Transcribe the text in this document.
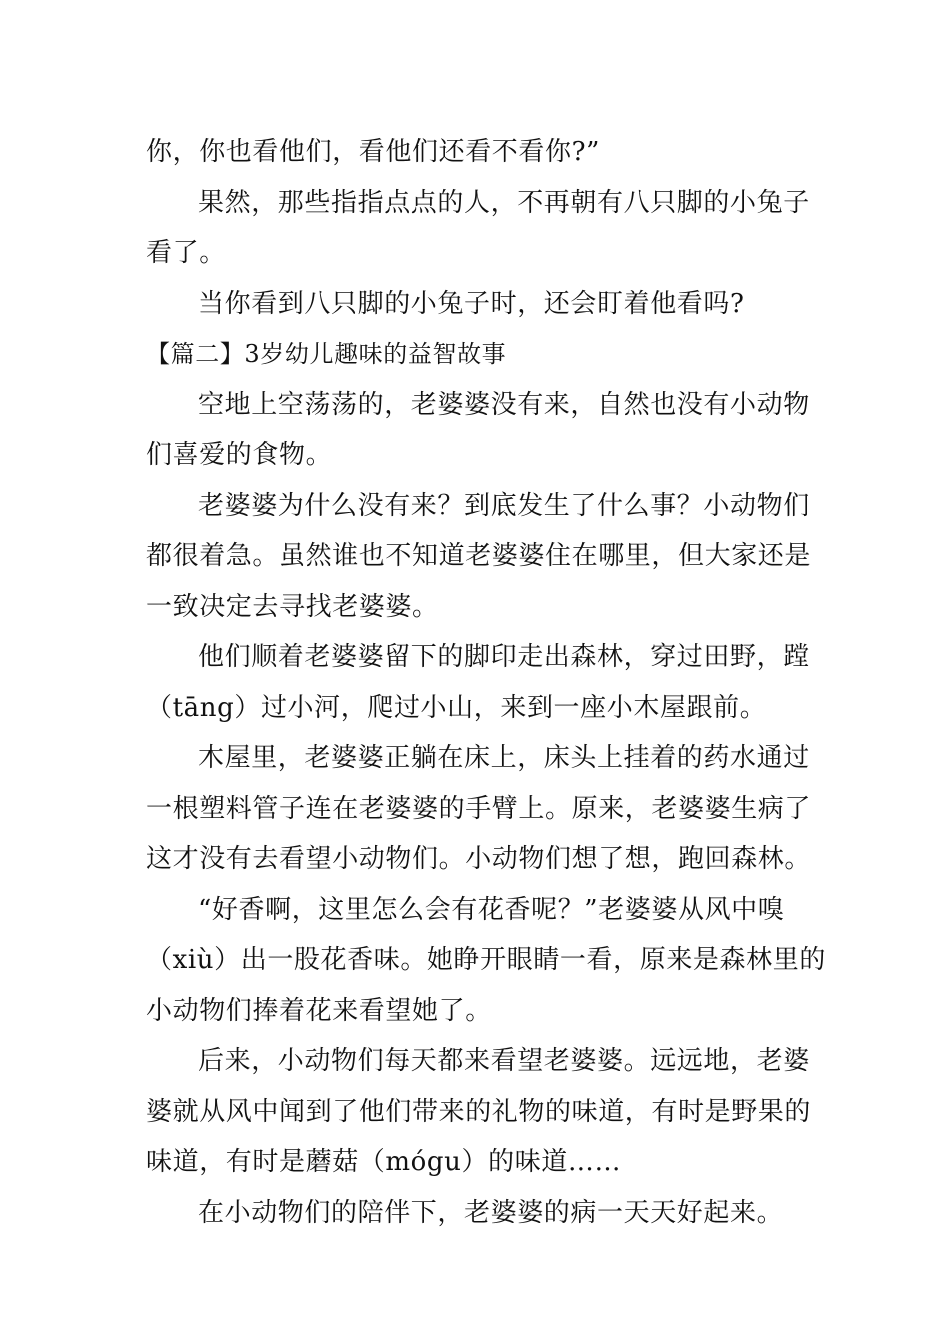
你，你也看他们，看他们还看不看你?”
果然，那些指指点点的人，不再朝有八只脚的小兔子
看了。
当你看到八只脚的小兔子时，还会盯着他看吗?
【篇二】3岁幼儿趣味的益智故事
空地上空荡荡的，老婆婆没有来，自然也没有小动物
们喜爱的食物。
老婆婆为什么没有来？到底发生了什么事？小动物们
都很着急。虽然谁也不知道老婆婆住在哪里，但大家还是
一致决定去寻找老婆婆。
他们顺着老婆婆留下的脚印走出森林，穿过田野，蹚
（tāng）过小河，爬过小山，来到一座小木屋跟前。
木屋里，老婆婆正躺在床上，床头上挂着的药水通过
一根塑料管子连在老婆婆的手臂上。原来，老婆婆生病了
这才没有去看望小动物们。小动物们想了想，跑回森林。
“好香啊，这里怎么会有花香呢？”老婆婆从风中嗅
（xiù）出一股花香味。她睁开眼睛一看，原来是森林里的
小动物们捧着花来看望她了。
后来，小动物们每天都来看望老婆婆。远远地，老婆
婆就从风中闻到了他们带来的礼物的味道，有时是野果的
味道，有时是蘑菇（mógu）的味道……
在小动物们的陪伴下，老婆婆的病一天天好起来。
